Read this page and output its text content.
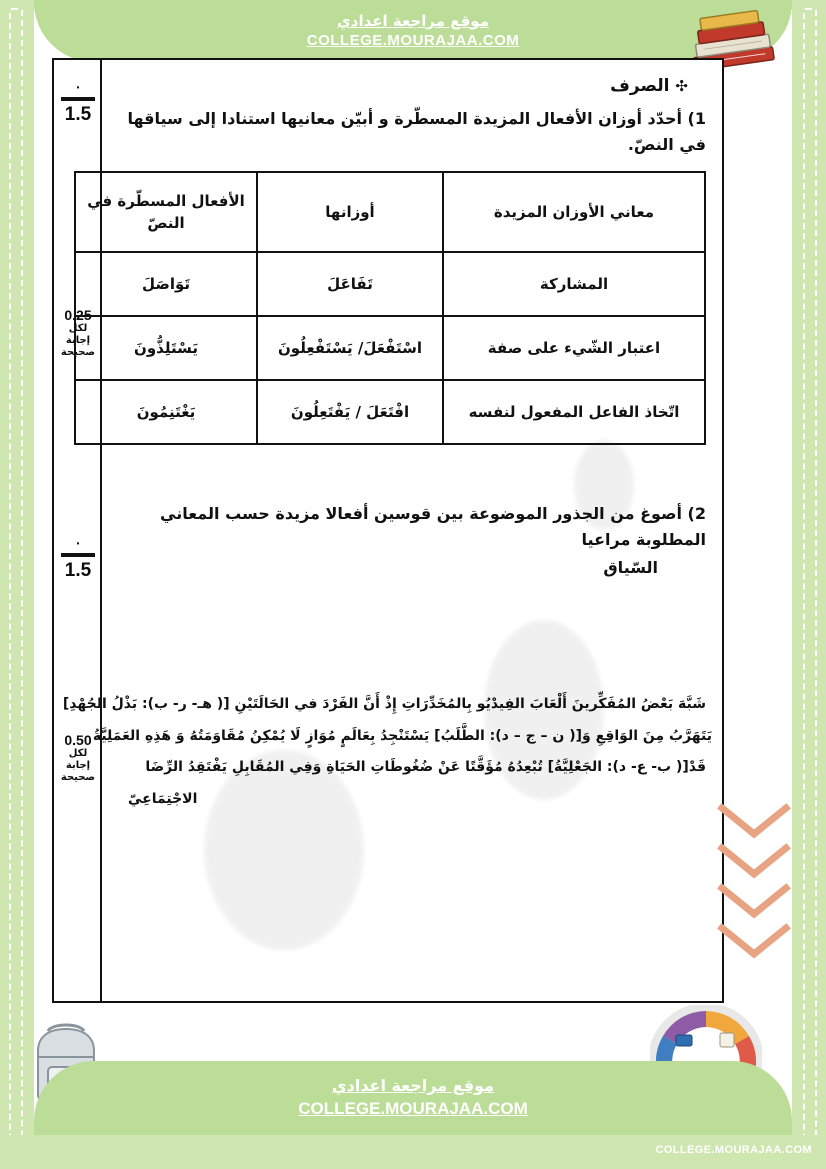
موقع مراجعة اعدادي
COLLEGE.MOURAJAA.COM
٠
1.5
0.25
لكل
إجابة
صحيحة
٠
1.5
0.50
لكل
إجابة
صحيحة
✣
الصرف
1) أحدّد أوزان الأفعال المزيدة المسطّرة و أبيّن معانيها استنادا إلى سياقها في النصّ.
معاني الأوزان المزيدة	أوزانها	الأفعال المسطّرة في النصّ
المشاركة	تَفَاعَلَ	تَوَاصَلَ
اعتبار الشّيء على صفة	اسْتَفْعَلَ/ يَسْتَفْعِلُونَ	يَسْتَلِذُّونَ
اتّخاذ الفاعل المفعول لنفسه	افْتَعَلَ / يَفْتَعِلُونَ	يَغْتَنِمُونَ
2) أصوغ من الجذور الموضوعة بين قوسين أفعالا مزيدة حسب المعاني المطلوبة مراعيا
السّياق
شَبَّهَ بَعْضُ المُفَكِّرينَ أَلْعَابَ الفِيدْيُو بِالمُخَدِّرَاتِ إِذْ أَنَّ الفَرْدَ في الحَالَتَيْنِ [( هـ- ر- ب): بَذْلُ الجُهْدِ]
يَتَهَرَّبُ مِنَ الوَاقِعِ وَ[( ن – ج – د): الطَّلَبُ] يَسْتَنْجِدُ بِعَالَمٍ مُوَازٍ لَا يُمْكِنُ مُقَاوَمَتُهُ وَ هَذِهِ العَمَلِيَّةُ
قَدْ[( ب- ع- د): الجَعْلِيَّةُ] تُبْعِدُهُ مُؤَقَّتًا عَنْ ضُغُوطَاتِ الحَيَاةِ وَفِي المُقَابِلِ يَفْتَقِدُ الرِّضَا
الاجْتِمَاعِيّ
موقع مراجعة اعدادي
COLLEGE.MOURAJAA.COM
COLLEGE.MOURAJAA.COM
